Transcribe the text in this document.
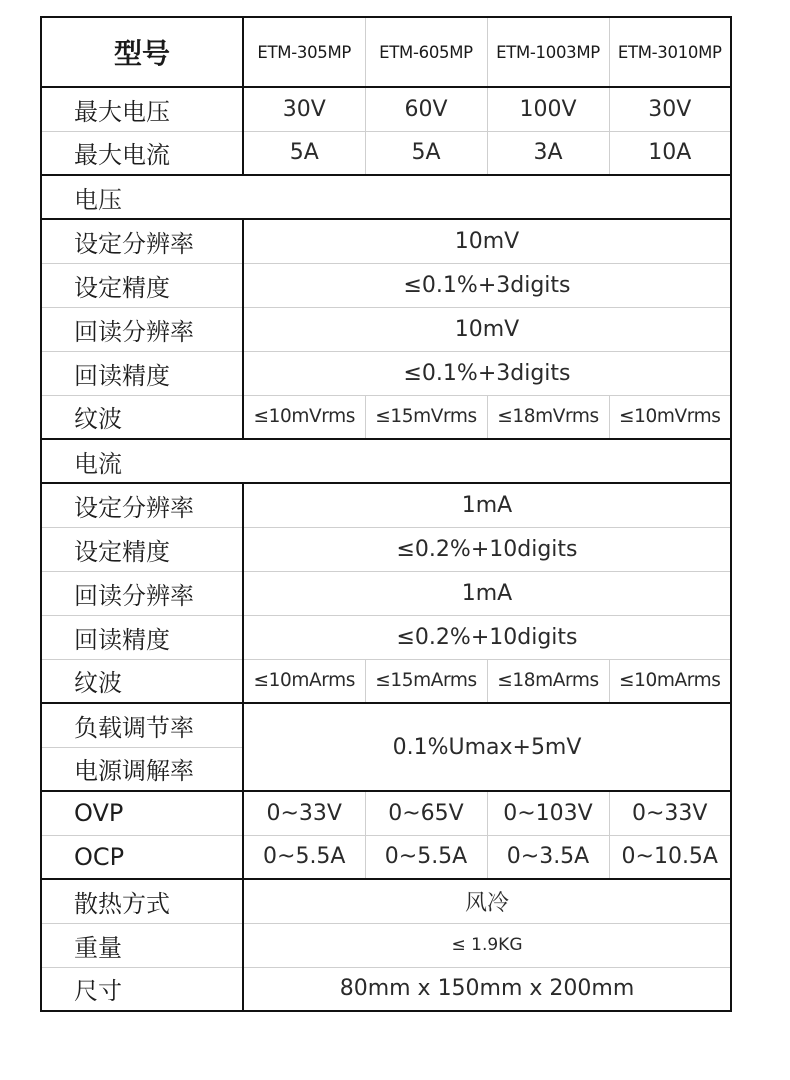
型号	ETM-305MP	ETM-605MP	ETM-1003MP	ETM-3010MP
最大电压	30V	60V	100V	30V
最大电流	5A	5A	3A	10A
电压				
设定分辨率	10mV			
设定精度	≤0.1%+3digits			
回读分辨率	10mV			
回读精度	≤0.1%+3digits			
纹波	≤10mVrms	≤15mVrms	≤18mVrms	≤10mVrms
电流				
设定分辨率	1mA			
设定精度	≤0.2%+10digits			
回读分辨率	1mA			
回读精度	≤0.2%+10digits			
纹波	≤10mArms	≤15mArms	≤18mArms	≤10mArms
负载调节率	0.1%Umax+5mV			
电源调解率				
OVP	0~33V	0~65V	0~103V	0~33V
OCP	0~5.5A	0~5.5A	0~3.5A	0~10.5A
散热方式	风冷			
重量	≤ 1.9KG			
尺寸	80mm x 150mm x 200mm			
